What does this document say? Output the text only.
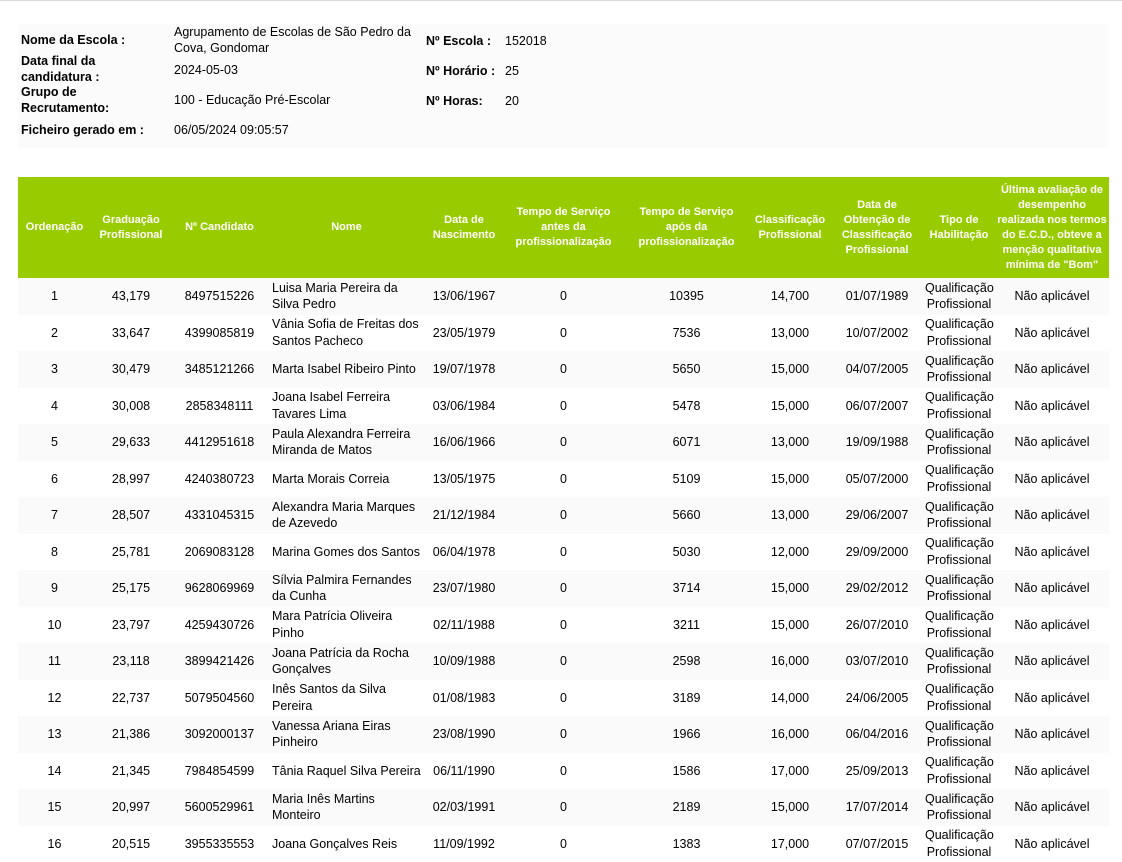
Nome da Escola :
Agrupamento de Escolas de São Pedro da Cova, Gondomar
Data final da candidatura :	2024-05-03
Grupo de Recrutamento:
100 - Educação Pré-Escolar
Ficheiro gerado em : 06/05/2024 09:05:57
Nº Escola : 152018
Nº Horário : 25
Nº Horas: 20
Ordenação	Graduação Profissional	Nº Candidato	Nome	Data de Nascimento	Tempo de Serviço antes da profissionalização	Tempo de Serviço após da profissionalização	Classificação Profissional	Data de Obtenção de Classificação Profissional	Tipo de Habilitação	Última avaliação de desempenho realizada nos termos do E.C.D., obteve a menção qualitativa mínima de "Bom"
1	43,179	8497515226	Luisa Maria Pereira da Silva Pedro	13/06/1967	0	10395	14,700	01/07/1989	Qualificação Profissional	Não aplicável
2	33,647	4399085819	Vânia Sofia de Freitas dos Santos Pacheco	23/05/1979	0	7536	13,000	10/07/2002	Qualificação Profissional	Não aplicável
3	30,479	3485121266	Marta Isabel Ribeiro Pinto	19/07/1978	0	5650	15,000	04/07/2005	Qualificação Profissional	Não aplicável
4	30,008	2858348111	Joana Isabel Ferreira Tavares Lima	03/06/1984	0	5478	15,000	06/07/2007	Qualificação Profissional	Não aplicável
5	29,633	4412951618	Paula Alexandra Ferreira Miranda de Matos	16/06/1966	0	6071	13,000	19/09/1988	Qualificação Profissional	Não aplicável
6	28,997	4240380723	Marta Morais Correia	13/05/1975	0	5109	15,000	05/07/2000	Qualificação Profissional	Não aplicável
7	28,507	4331045315	Alexandra Maria Marques de Azevedo	21/12/1984	0	5660	13,000	29/06/2007	Qualificação Profissional	Não aplicável
8	25,781	2069083128	Marina Gomes dos Santos	06/04/1978	0	5030	12,000	29/09/2000	Qualificação Profissional	Não aplicável
9	25,175	9628069969	Sílvia Palmira Fernandes da Cunha	23/07/1980	0	3714	15,000	29/02/2012	Qualificação Profissional	Não aplicável
10	23,797	4259430726	Mara Patrícia Oliveira Pinho	02/11/1988	0	3211	15,000	26/07/2010	Qualificação Profissional	Não aplicável
11	23,118	3899421426	Joana Patrícia da Rocha Gonçalves	10/09/1988	0	2598	16,000	03/07/2010	Qualificação Profissional	Não aplicável
12	22,737	5079504560	Inês Santos da Silva Pereira	01/08/1983	0	3189	14,000	24/06/2005	Qualificação Profissional	Não aplicável
13	21,386	3092000137	Vanessa Ariana Eiras Pinheiro	23/08/1990	0	1966	16,000	06/04/2016	Qualificação Profissional	Não aplicável
14	21,345	7984854599	Tânia Raquel Silva Pereira	06/11/1990	0	1586	17,000	25/09/2013	Qualificação Profissional	Não aplicável
15	20,997	5600529961	Maria Inês Martins Monteiro	02/03/1991	0	2189	15,000	17/07/2014	Qualificação Profissional	Não aplicável
16	20,515	3955335553	Joana Gonçalves Reis	11/09/1992	0	1383	17,000	07/07/2015	Qualificação Profissional	Não aplicável
